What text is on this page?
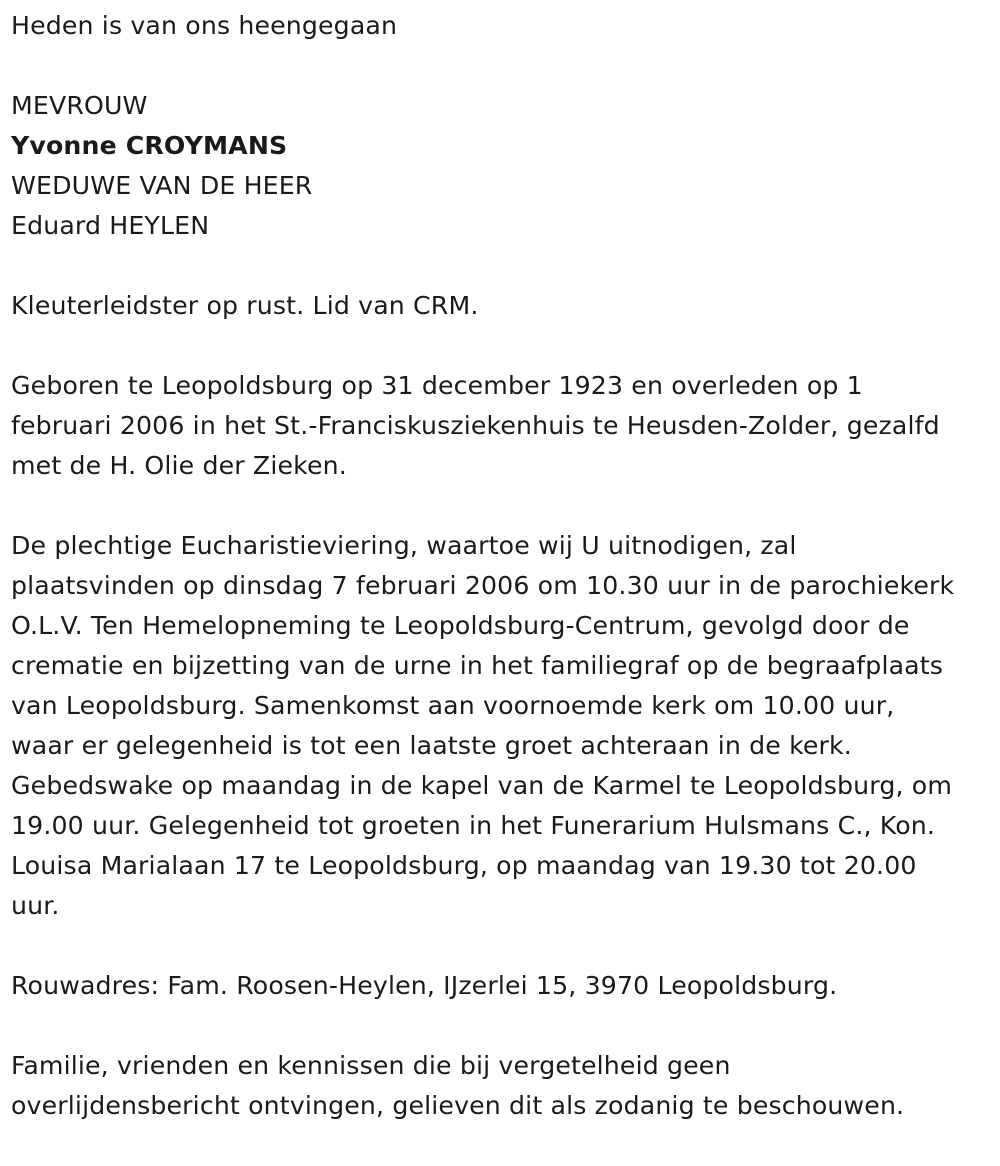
Heden is van ons heengegaan
MEVROUW
Yvonne CROYMANS
WEDUWE VAN DE HEER
Eduard HEYLEN
Kleuterleidster op rust. Lid van CRM.
Geboren te Leopoldsburg op 31 december 1923 en overleden op 1
februari 2006 in het St.-Franciskusziekenhuis te Heusden-Zolder, gezalfd
met de H. Olie der Zieken.
De plechtige Eucharistieviering, waartoe wij U uitnodigen, zal
plaatsvinden op dinsdag 7 februari 2006 om 10.30 uur in de parochiekerk
O.L.V. Ten Hemelopneming te Leopoldsburg-Centrum, gevolgd door de
crematie en bijzetting van de urne in het familiegraf op de begraafplaats
van Leopoldsburg. Samenkomst aan voornoemde kerk om 10.00 uur,
waar er gelegenheid is tot een laatste groet achteraan in de kerk.
Gebedswake op maandag in de kapel van de Karmel te Leopoldsburg, om
19.00 uur. Gelegenheid tot groeten in het Funerarium Hulsmans C., Kon.
Louisa Marialaan 17 te Leopoldsburg, op maandag van 19.30 tot 20.00
uur.
Rouwadres: Fam. Roosen-Heylen, IJzerlei 15, 3970 Leopoldsburg.
Familie, vrienden en kennissen die bij vergetelheid geen
overlijdensbericht ontvingen, gelieven dit als zodanig te beschouwen.
